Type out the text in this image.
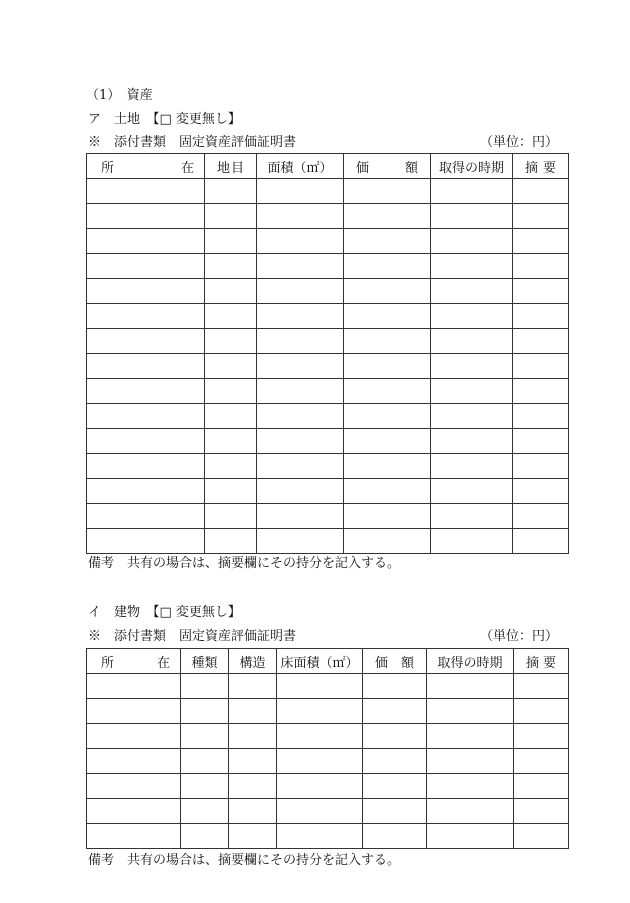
（1）　資産
ア　土地　【□ 変更無し】
※　添付書類　固定資産評価証明書	（単位：円）
所 在	地 目	面積（㎡）	価 額	取得の時期	摘 要

備考　共有の場合は、摘要欄にその持分を記入する。
イ　建物　【□ 変更無し】
※　添付書類　固定資産評価証明書	（単位：円）
所 在	種類	構造	床面積（㎡）	価 額	取得の時期	摘 要

備考　共有の場合は、摘要欄にその持分を記入する。
